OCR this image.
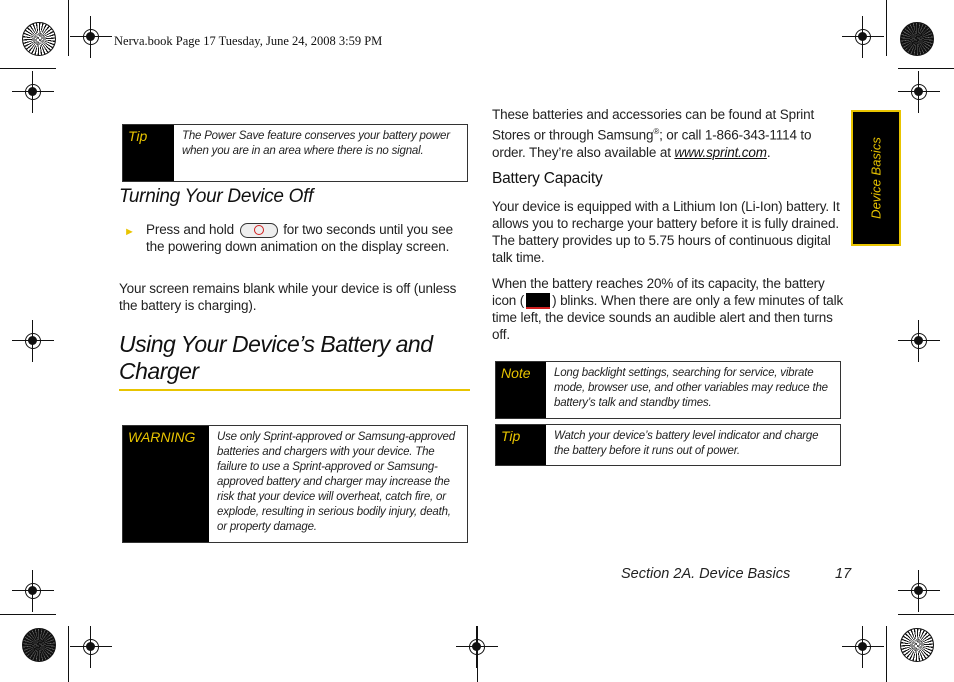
Nerva.book Page 17 Tuesday, June 24, 2008 3:59 PM
Device Basics
Tip	The Power Save feature conserves your battery power when you are in an area where there is no signal.
Turning Your Device Off
► Press and hold	for two seconds until you see the powering down animation on the display screen.
Your screen remains blank while your device is off (unless the battery is charging).
Using Your Device’s Battery and
Charger
WARNING	Use only Sprint-approved or Samsung-approved batteries and chargers with your device. The failure to use a Sprint-approved or Samsung-approved battery and charger may increase the risk that your device will overheat, catch fire, or explode, resulting in serious bodily injury, death, or property damage.
These batteries and accessories can be found at Sprint Stores or through Samsung®; or call 1-866-343-1114 to order. They’re also available at www.sprint.com.
Battery Capacity
Your device is equipped with a Lithium Ion (Li-Ion) battery. It allows you to recharge your battery before it is fully drained. The battery provides up to 5.75 hours of continuous digital talk time.
When the battery reaches 20% of its capacity, the battery icon ( ) blinks. When there are only a few minutes of talk time left, the device sounds an audible alert and then turns off.
Note	Long backlight settings, searching for service, vibrate mode, browser use, and other variables may reduce the battery’s talk and standby times.
Tip	Watch your device’s battery level indicator and charge the battery before it runs out of power.
Section 2A. Device Basics	17
